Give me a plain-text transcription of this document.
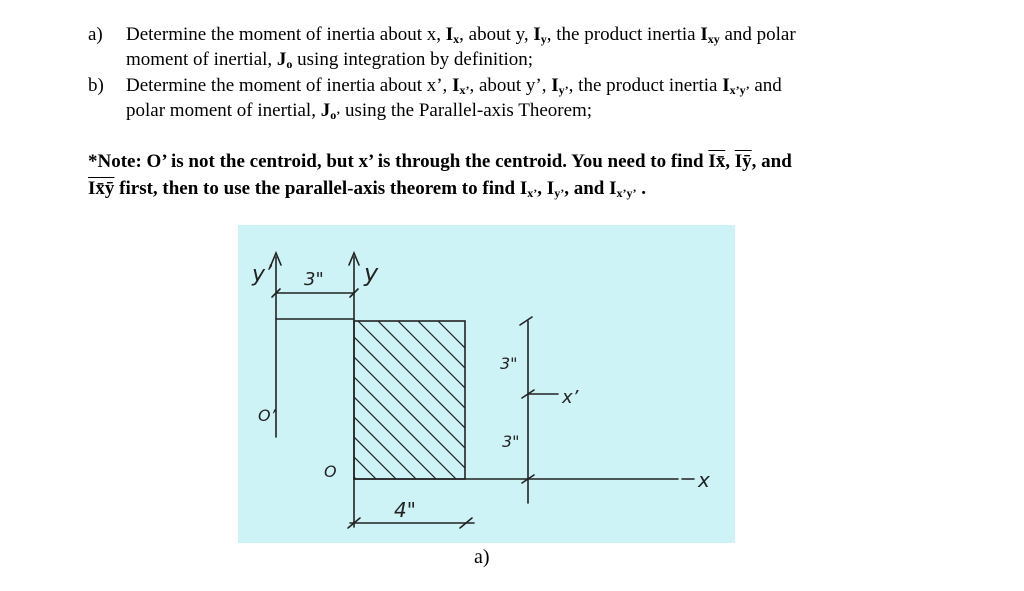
a) Determine the moment of inertia about x, $I_x$, about y, $I_y$, the product inertia $I_{xy}$ and polar
moment of inertial, $J_o$ using integration by definition;
b) Determine the moment of inertia about x’, $I_{x’}$, about y’, $I_{y’}$, the product inertia $I_{x’y’}$ and
polar moment of inertial, $J_{o’}$ using the Parallel-axis Theorem;
*Note: O’ is not the centroid, but x’ is through the centroid. You need to find Ix̄, $\overline{Iȳ}$, and
Ix̄ȳ first, then to use the parallel-axis theorem to find $I_{x’}$, $I_{y’}$, and $I_{x’y’}$ .
y’	y
3"
O’
O
3"
3"
x’
x
4"
a)
